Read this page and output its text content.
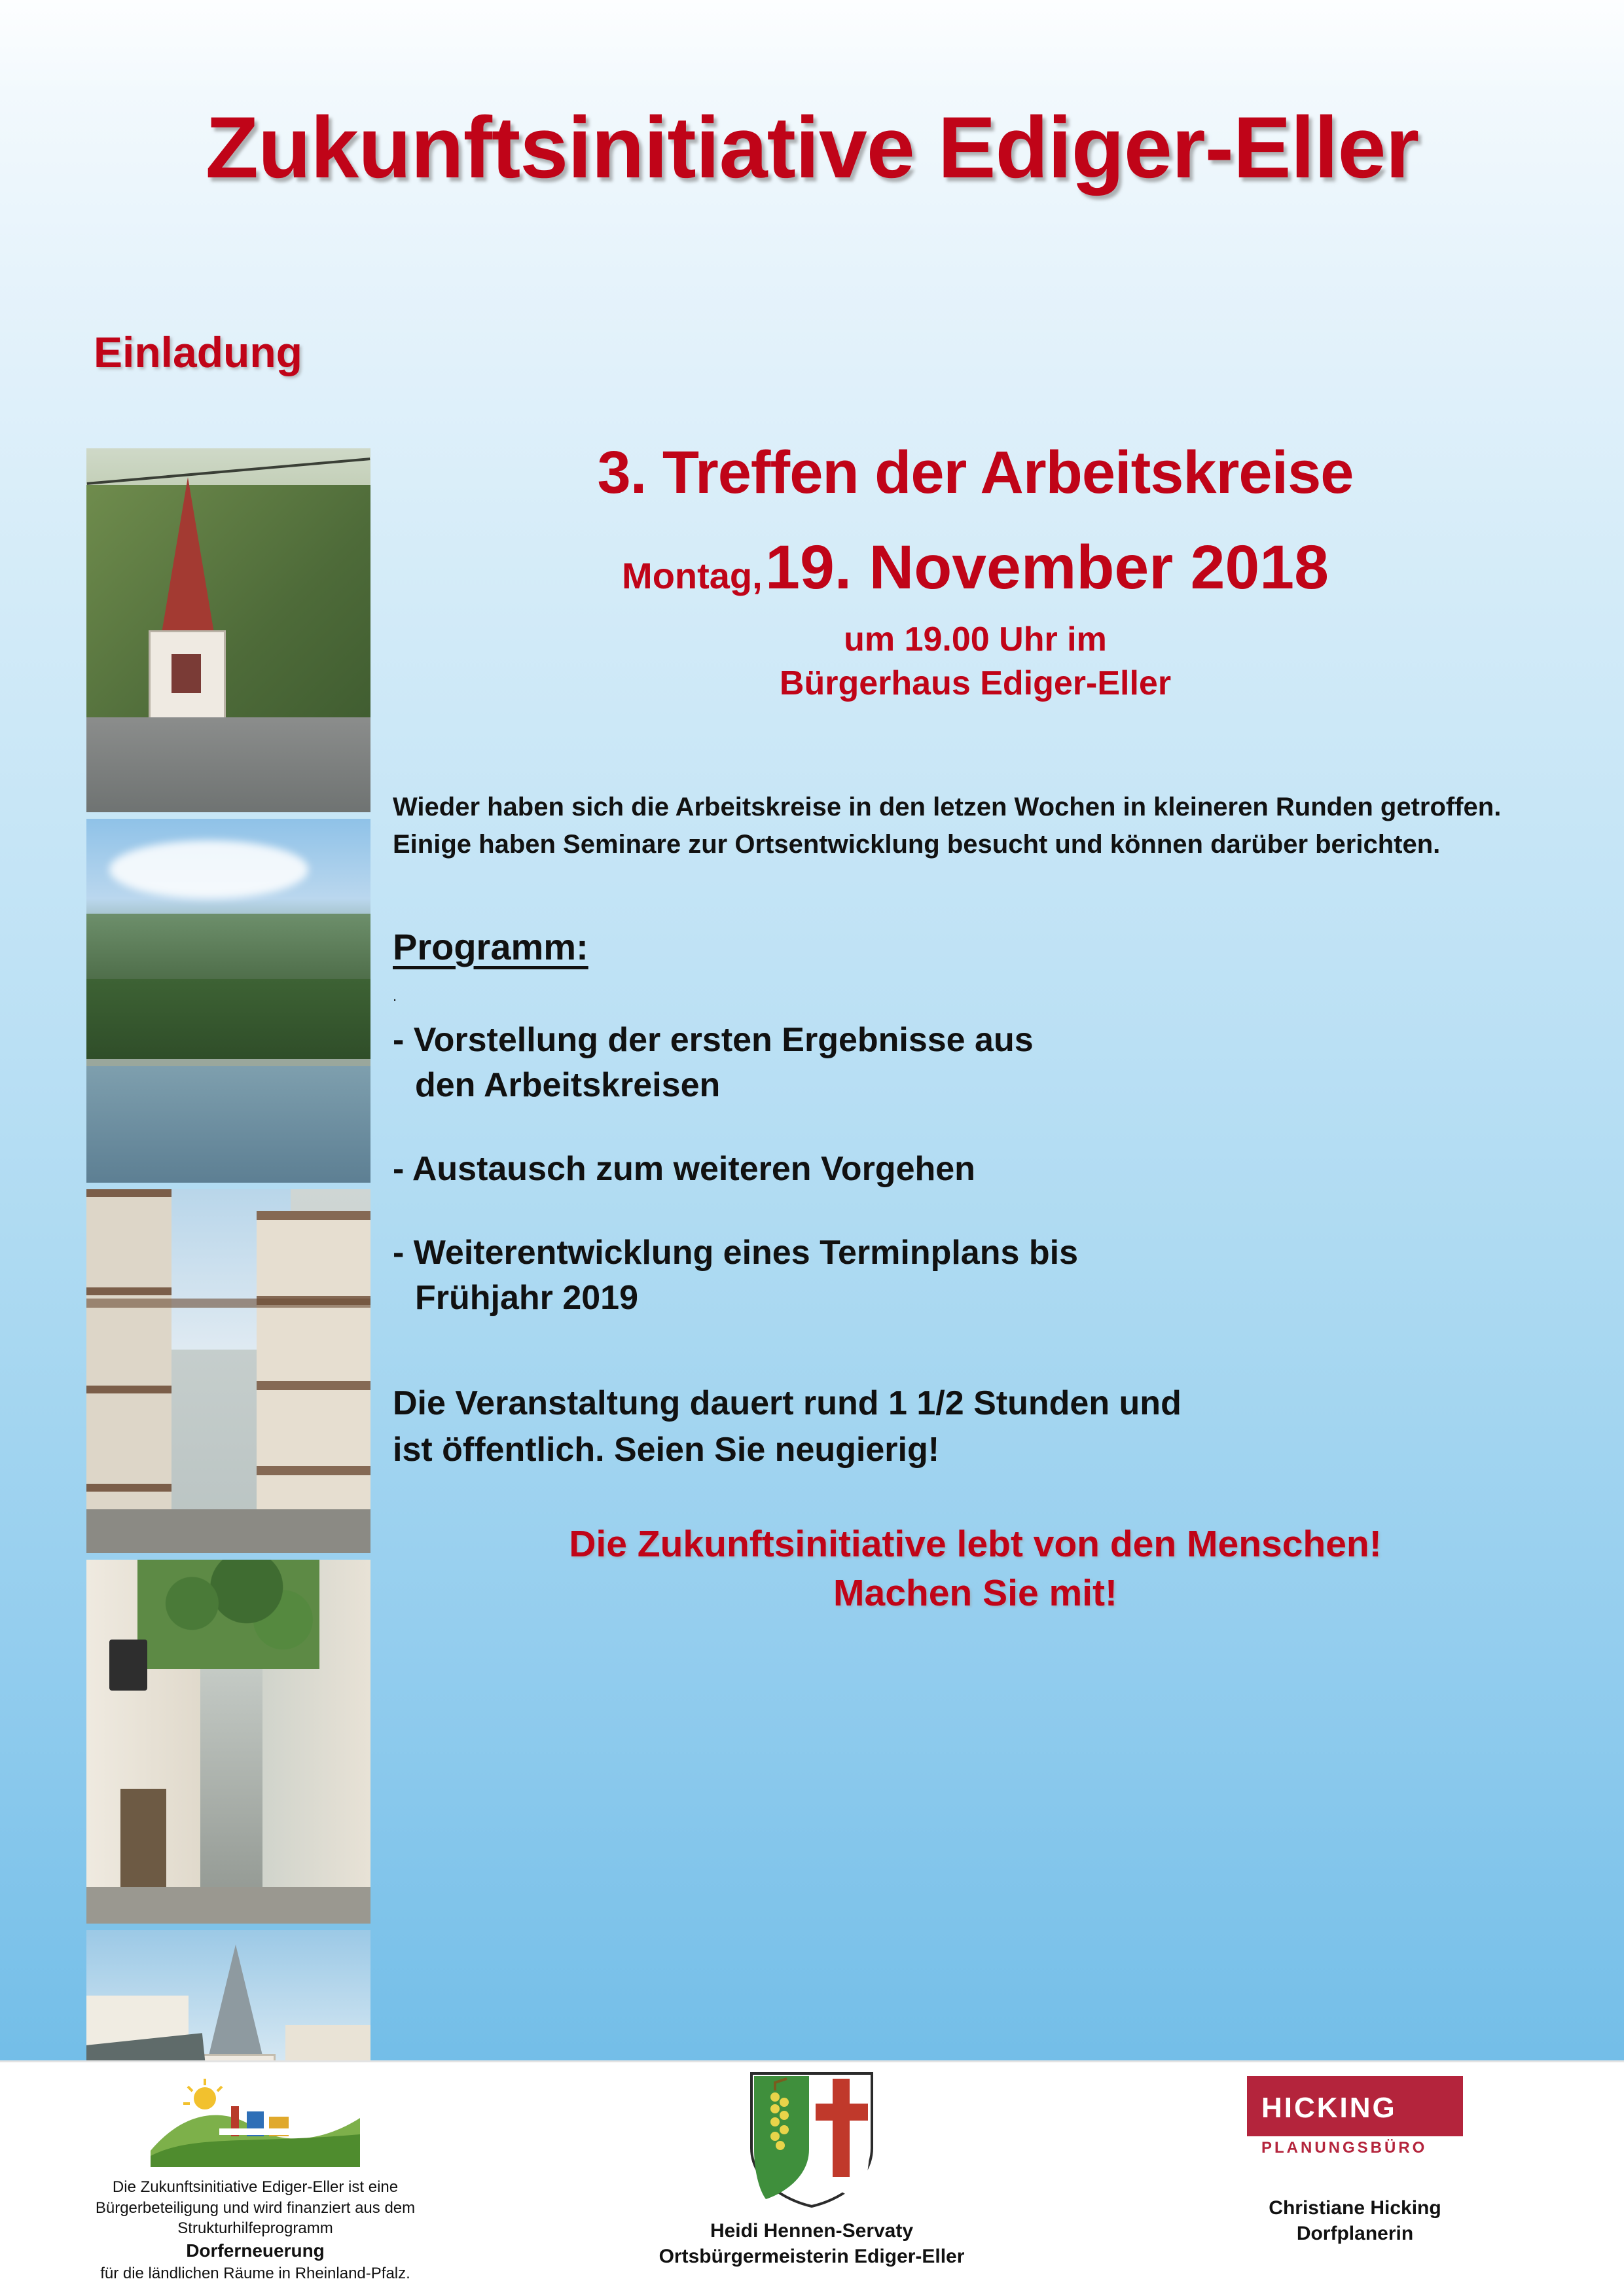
Zukunftsinitiative Ediger-Eller
Einladung
3. Treffen der Arbeitskreise
Montag, 19. November 2018
um 19.00 Uhr im
Bürgerhaus Ediger-Eller
Wieder haben sich die Arbeitskreise in den letzen Wochen in kleineren Runden getroffen. Einige haben Seminare zur Ortsentwicklung besucht und können darüber berichten.
Programm:
.
- Vorstellung der ersten Ergebnisse aus
den Arbeitskreisen
- Austausch zum weiteren Vorgehen
- Weiterentwicklung eines Terminplans bis
Frühjahr 2019
Die Veranstaltung dauert rund 1 1/2 Stunden und
ist öffentlich. Seien Sie neugierig!
Die Zukunftsinitiative lebt von den Menschen!
Machen Sie mit!
Die Zukunftsinitiative Ediger-Eller ist eine
Bürgerbeteiligung und wird finanziert aus dem
Strukturhilfeprogramm
Dorferneuerung
für die ländlichen Räume in Rheinland-Pfalz.
Heidi Hennen-Servaty
Ortsbürgermeisterin Ediger-Eller
HICKING
PLANUNGSBÜRO
Christiane Hicking
Dorfplanerin
